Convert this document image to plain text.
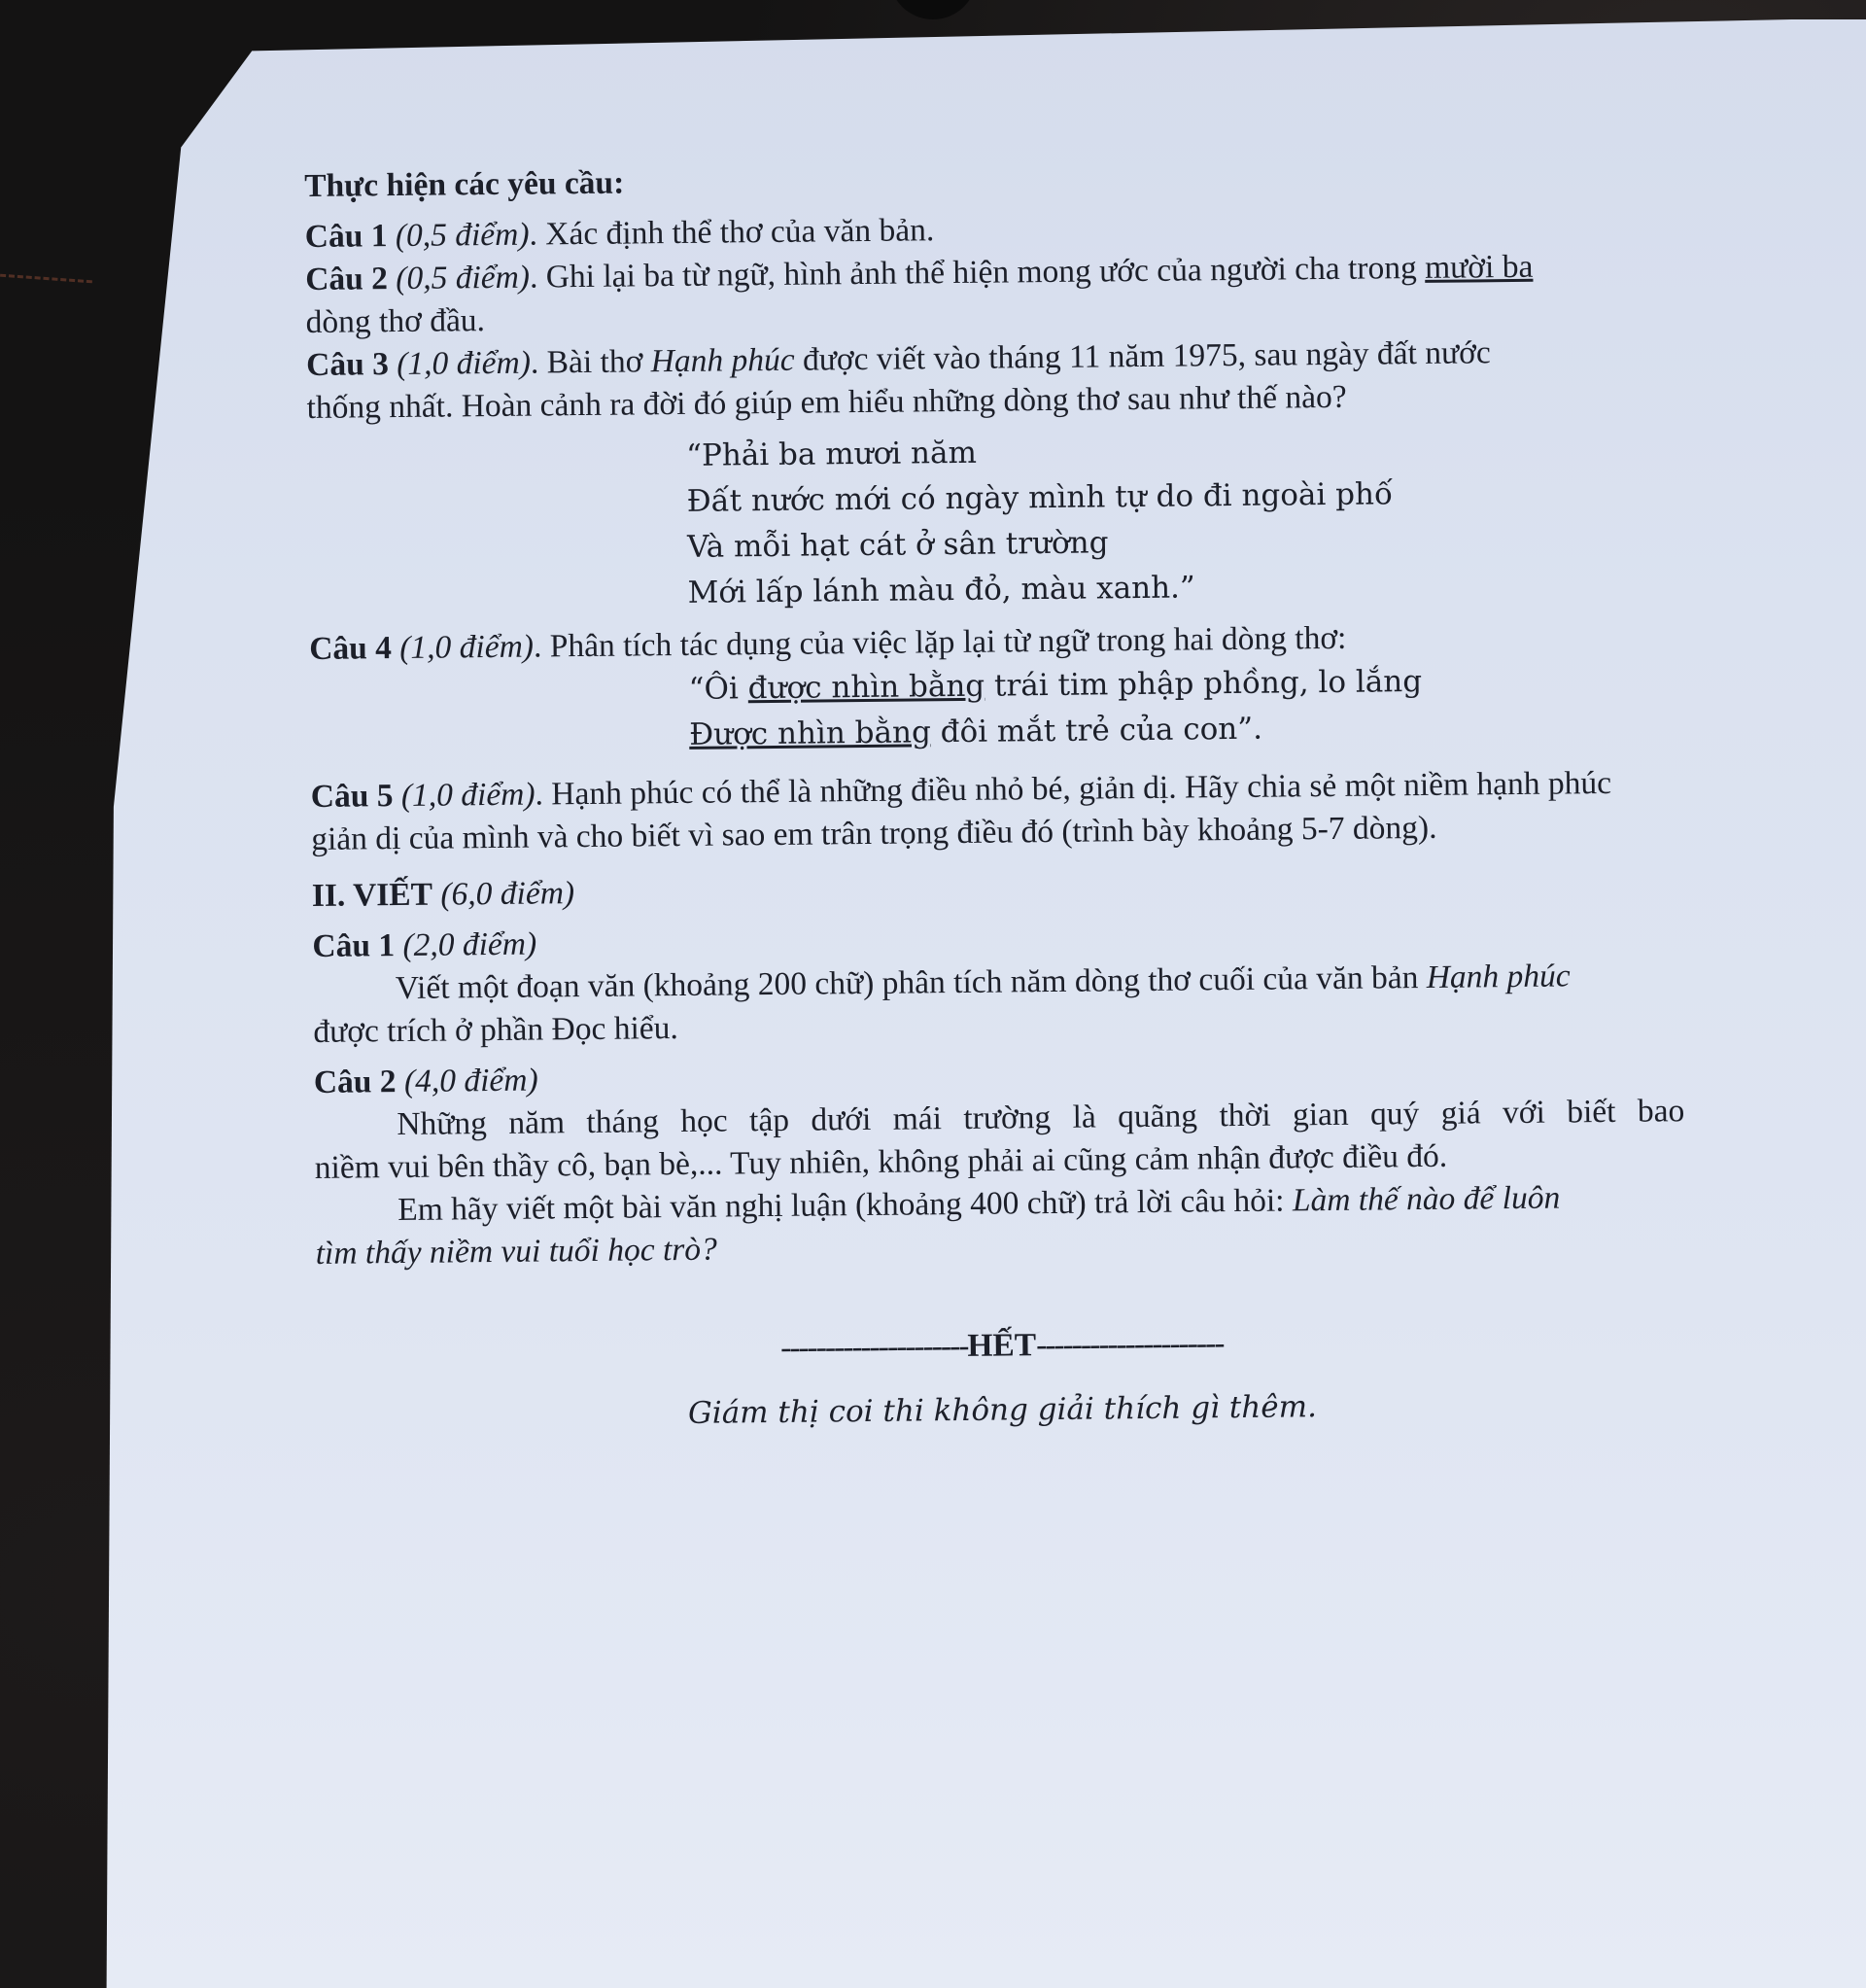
Thực hiện các yêu cầu:
Câu 1 (0,5 điểm). Xác định thể thơ của văn bản.
Câu 2 (0,5 điểm). Ghi lại ba từ ngữ, hình ảnh thể hiện mong ước của người cha trong mười ba
dòng thơ đầu.
Câu 3 (1,0 điểm). Bài thơ Hạnh phúc được viết vào tháng 11 năm 1975, sau ngày đất nước
thống nhất. Hoàn cảnh ra đời đó giúp em hiểu những dòng thơ sau như thế nào?
“Phải ba mươi năm
Đất nước mới có ngày mình tự do đi ngoài phố
Và mỗi hạt cát ở sân trường
Mới lấp lánh màu đỏ, màu xanh.”
Câu 4 (1,0 điểm). Phân tích tác dụng của việc lặp lại từ ngữ trong hai dòng thơ:
“Ôi được nhìn bằng trái tim phập phồng, lo lắng
Được nhìn bằng đôi mắt trẻ của con”.
Câu 5 (1,0 điểm). Hạnh phúc có thể là những điều nhỏ bé, giản dị. Hãy chia sẻ một niềm hạnh phúc
giản dị của mình và cho biết vì sao em trân trọng điều đó (trình bày khoảng 5-7 dòng).
II. VIẾT (6,0 điểm)
Câu 1 (2,0 điểm)
Viết một đoạn văn (khoảng 200 chữ) phân tích năm dòng thơ cuối của văn bản Hạnh phúc
được trích ở phần Đọc hiểu.
Câu 2 (4,0 điểm)
Những năm tháng học tập dưới mái trường là quãng thời gian quý giá với biết bao
niềm vui bên thầy cô, bạn bè,... Tuy nhiên, không phải ai cũng cảm nhận được điều đó.
Em hãy viết một bài văn nghị luận (khoảng 400 chữ) trả lời câu hỏi: Làm thế nào để luôn
tìm thấy niềm vui tuổi học trò?
---------------------HẾT---------------------
Giám thị coi thi không giải thích gì thêm.
